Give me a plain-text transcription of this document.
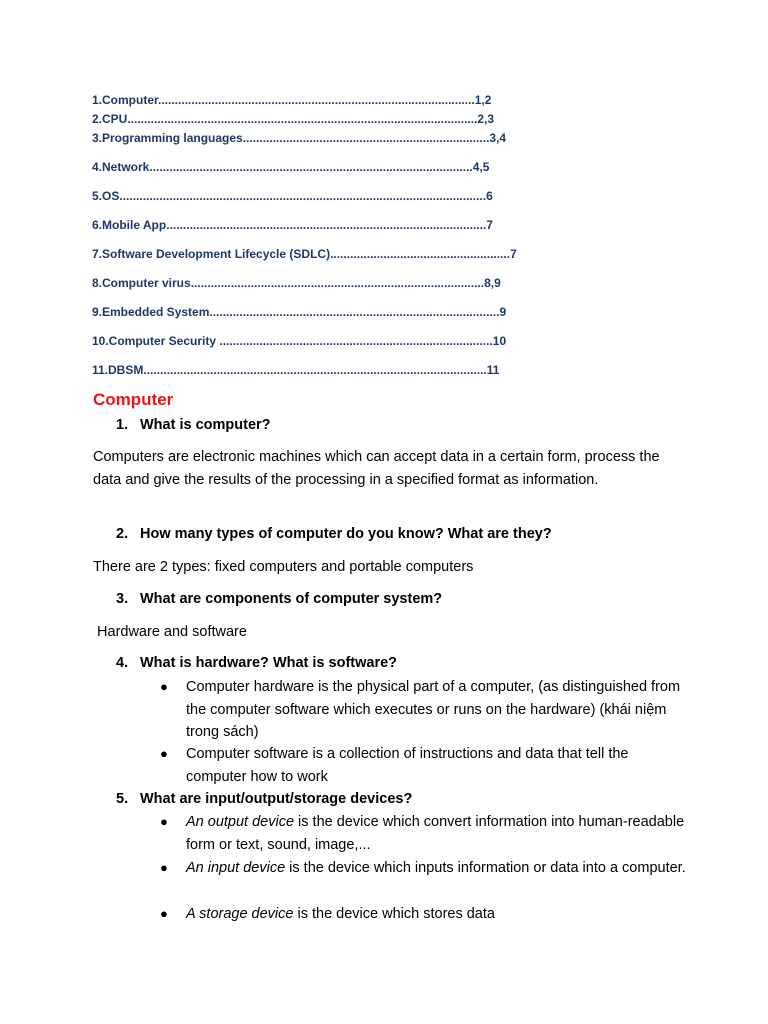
1.Computer...............................................................................................1,2
2.CPU.........................................................................................................2,3
3.Programming languages..........................................................................3,4
4.Network.................................................................................................4,5
5.OS..............................................................................................................6
6.Mobile App................................................................................................7
7.Software Development Lifecycle (SDLC)......................................................7
8.Computer virus........................................................................................8,9
9.Embedded System.......................................................................................9
10.Computer Security ..................................................................................10
11.DBSM.......................................................................................................11
Computer
1. What is computer?
Computers are electronic machines which can accept data in a certain form, process the data and give the results of the processing in a specified format as information.
2. How many types of computer do you know? What are they?
There are 2 types: fixed computers and portable computers
3. What are components of computer system?
Hardware and software
4. What is hardware? What is software?
● Computer hardware is the physical part of a computer, (as distinguished from the computer software which executes or runs on the hardware) (khái niệm trong sách)
● Computer software is a collection of instructions and data that tell the computer how to work
5. What are input/output/storage devices?
● An output device is the device which convert information into human-readable form or text, sound, image,...
● An input device is the device which inputs information or data into a computer.
● A storage device is the device which stores data
